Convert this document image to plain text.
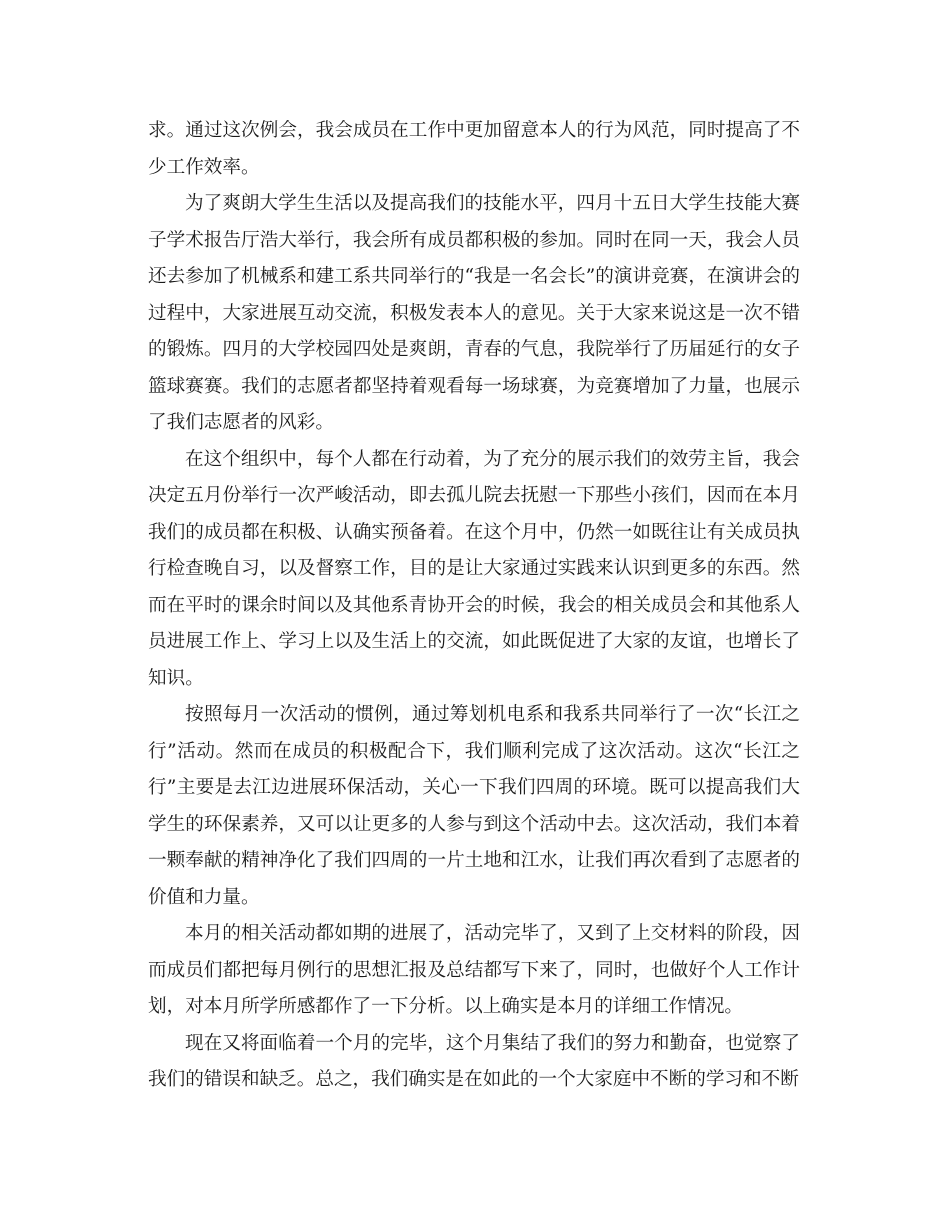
求。通过这次例会，我会成员在工作中更加留意本人的行为风范，同时提高了不少工作效率。

为了爽朗大学生生活以及提高我们的技能水平，四月十五日大学生技能大赛子学术报告厅浩大举行，我会所有成员都积极的参加。同时在同一天，我会人员还去参加了机械系和建工系共同举行的“我是一名会长”的演讲竞赛，在演讲会的过程中，大家进展互动交流，积极发表本人的意见。关于大家来说这是一次不错的锻炼。四月的大学校园四处是爽朗，青春的气息，我院举行了历届延行的女子篮球赛赛。我们的志愿者都坚持着观看每一场球赛，为竞赛增加了力量，也展示了我们志愿者的风彩。

在这个组织中，每个人都在行动着，为了充分的展示我们的效劳主旨，我会决定五月份举行一次严峻活动，即去孤儿院去抚慰一下那些小孩们，因而在本月我们的成员都在积极、认确实预备着。在这个月中，仍然一如既往让有关成员执行检查晚自习，以及督察工作，目的是让大家通过实践来认识到更多的东西。然而在平时的课余时间以及其他系青协开会的时候，我会的相关成员会和其他系人员进展工作上、学习上以及生活上的交流，如此既促进了大家的友谊，也增长了知识。

按照每月一次活动的惯例，通过筹划机电系和我系共同举行了一次“长江之行”活动。然而在成员的积极配合下，我们顺利完成了这次活动。这次“长江之行”主要是去江边进展环保活动，关心一下我们四周的环境。既可以提高我们大学生的环保素养，又可以让更多的人参与到这个活动中去。这次活动，我们本着一颗奉献的精神净化了我们四周的一片土地和江水，让我们再次看到了志愿者的价值和力量。

本月的相关活动都如期的进展了，活动完毕了，又到了上交材料的阶段，因而成员们都把每月例行的思想汇报及总结都写下来了，同时，也做好个人工作计划，对本月所学所感都作了一下分析。以上确实是本月的详细工作情况。

现在又将面临着一个月的完毕，这个月集结了我们的努力和勤奋，也觉察了我们的错误和缺乏。总之，我们确实是在如此的一个大家庭中不断的学习和不断
